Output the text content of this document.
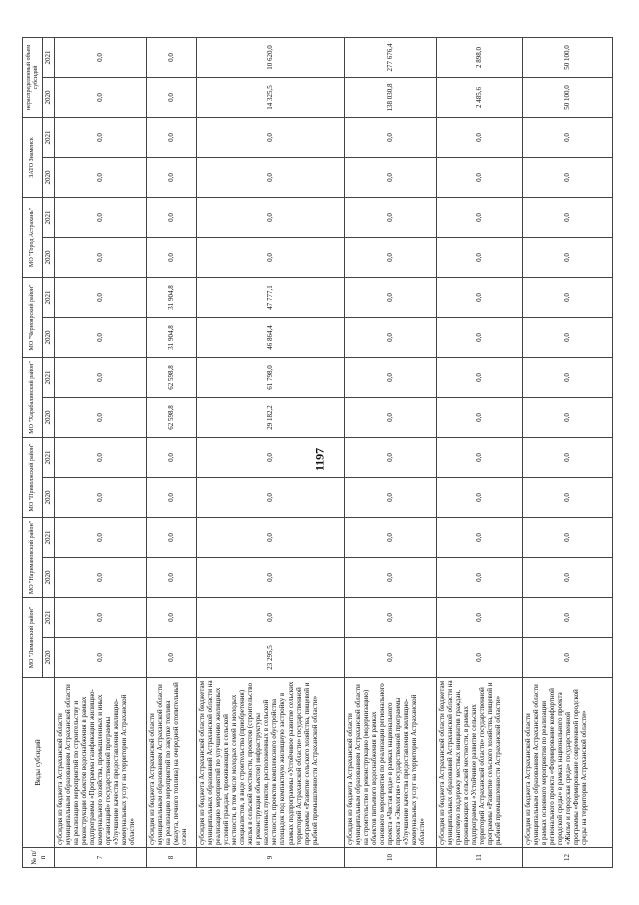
1197
№ п/п	Виды субсидий	МО "Лиманский район"		МО "Наримановский район"		МО "Приволжский район"		МО "Харабалинский район"		МО "Черноярский район"		МО "Город Астрахань"		ЗАТО Знаменск		нераспределенный объем субсидий	
		2020	2021	2020	2021	2020	2021	2020	2021	2020	2021	2020	2021	2020	2021	2020	2021
7	субсидия из бюджета Астраханской области муниципальным образованиям Астраханской области на реализацию мероприятий по строительству и реконструкции объектов водоснабжения в рамках подпрограммы «Программа газификации жилищно-коммунального хозяйства, промышленных и иных организаций» государственной программы «Улучшение качества предоставления жилищно-коммунальных услуг на территории Астраханской области»	0,0	0,0	0,0	0,0	0,0	0,0	0,0	0,0	0,0	0,0	0,0	0,0	0,0	0,0	0,0	0,0
8	субсидия из бюджета Астраханской области муниципальным образованиям Астраханской области на реализацию мероприятий по закупке топлива (мазута, печного топлива) на очередной отопительный сезон	0,0	0,0	0,0	0,0	0,0	0,0	62 598,8	62 598,8	31 904,8	31 904,8	0,0	0,0	0,0	0,0	0,0	0,0
9	субсидия из бюджета Астраханской области бюджетам муниципальных образований Астраханской области на реализацию мероприятий по улучшению жилищных условий граждан, проживающих в сельской местности, в том числе молодых семей и молодых специалистов, в виде строительства (приобретения) жилья в сельской местности, проектов (строительство и реконструкция объектов) инфраструктуры населенных пунктов, расположенных в сельской местности, проектов комплексного обустройства площадок под компактную жилищную застройку в рамках подпрограммы «Устойчивое развитие сельских территорий Астраханской области» государственной программы «Развитие сельского хозяйства, пищевой и рыбной промышленности Астраханской области»	23 295,5	0,0	0,0	0,0	0,0	0,0	29 182,2	61 798,0	46 864,4	47 777,1	0,0	0,0	0,0	0,0	14 325,5	10 620,0
10	субсидия из бюджета Астраханской области муниципальным образованиям Астраханской области на строительство и реконструкцию (модернизацию) объектов питьевого водоснабжения в рамках основного мероприятия по реализации регионального проекта «Чистая вода» в рамках национального проекта «Экология» государственной программы «Улучшение качества предоставления жилищно-коммунальных услуг на территории Астраханской области»	0,0	0,0	0,0	0,0	0,0	0,0	0,0	0,0	0,0	0,0	0,0	0,0	0,0	0,0	138 030,8	277 676,4
11	субсидия из бюджета Астраханской области бюджетам муниципальных образований Астраханской области на грантовую поддержку местных инициатив граждан, проживающих в сельской местности, в рамках подпрограммы «Устойчивое развитие сельских территорий Астраханской области» государственной программы «Развитие сельского хозяйства, пищевой и рыбной промышленности Астраханской области»	0,0	0,0	0,0	0,0	0,0	0,0	0,0	0,0	0,0	0,0	0,0	0,0	0,0	0,0	2 485,6	2 898,0
12	субсидия из бюджета Астраханской области муниципальным образованиям Астраханской области в рамках основного мероприятия по реализации регионального проекта «Формирование комфортной городской среды» в рамках национального проекта «Жилье и городская среда» государственной программы «Формирование современной городской среды на территории Астраханской области»	0,0	0,0	0,0	0,0	0,0	0,0	0,0	0,0	0,0	0,0	0,0	0,0	0,0	0,0	50 100,0	50 100,0
